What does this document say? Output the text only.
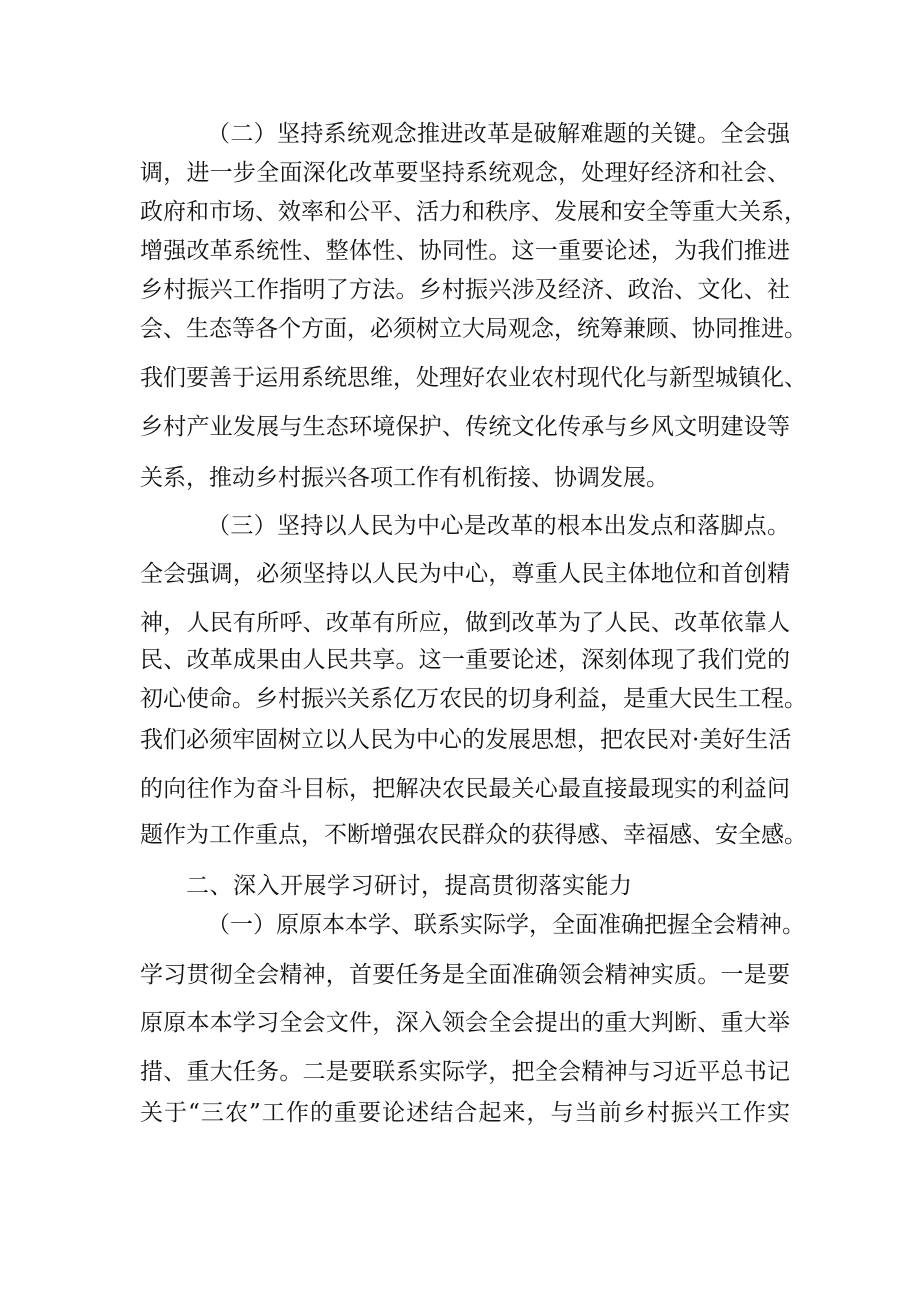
（二）坚持系统观念推进改革是破解难题的关键。全会强
调，进一步全面深化改革要坚持系统观念，处理好经济和社会、
政府和市场、效率和公平、活力和秩序、发展和安全等重大关系，
增强改革系统性、整体性、协同性。这一重要论述，为我们推进
乡村振兴工作指明了方法。乡村振兴涉及经济、政治、文化、社
会、生态等各个方面，必须树立大局观念，统筹兼顾、协同推进。
我们要善于运用系统思维，处理好农业农村现代化与新型城镇化、
乡村产业发展与生态环境保护、传统文化传承与乡风文明建设等
关系，推动乡村振兴各项工作有机衔接、协调发展。
（三）坚持以人民为中心是改革的根本出发点和落脚点。
全会强调，必须坚持以人民为中心，尊重人民主体地位和首创精
神，人民有所呼、改革有所应，做到改革为了人民、改革依靠人
民、改革成果由人民共享。这一重要论述，深刻体现了我们党的
初心使命。乡村振兴关系亿万农民的切身利益，是重大民生工程。
我们必须牢固树立以人民为中心的发展思想，把农民对·美好生活
的向往作为奋斗目标，把解决农民最关心最直接最现实的利益问
题作为工作重点，不断增强农民群众的获得感、幸福感、安全感。
二、深入开展学习研讨，提高贯彻落实能力
（一）原原本本学、联系实际学，全面准确把握全会精神。
学习贯彻全会精神，首要任务是全面准确领会精神实质。一是要
原原本本学习全会文件，深入领会全会提出的重大判断、重大举
措、重大任务。二是要联系实际学，把全会精神与习近平总书记
关于“三农”工作的重要论述结合起来，与当前乡村振兴工作实
